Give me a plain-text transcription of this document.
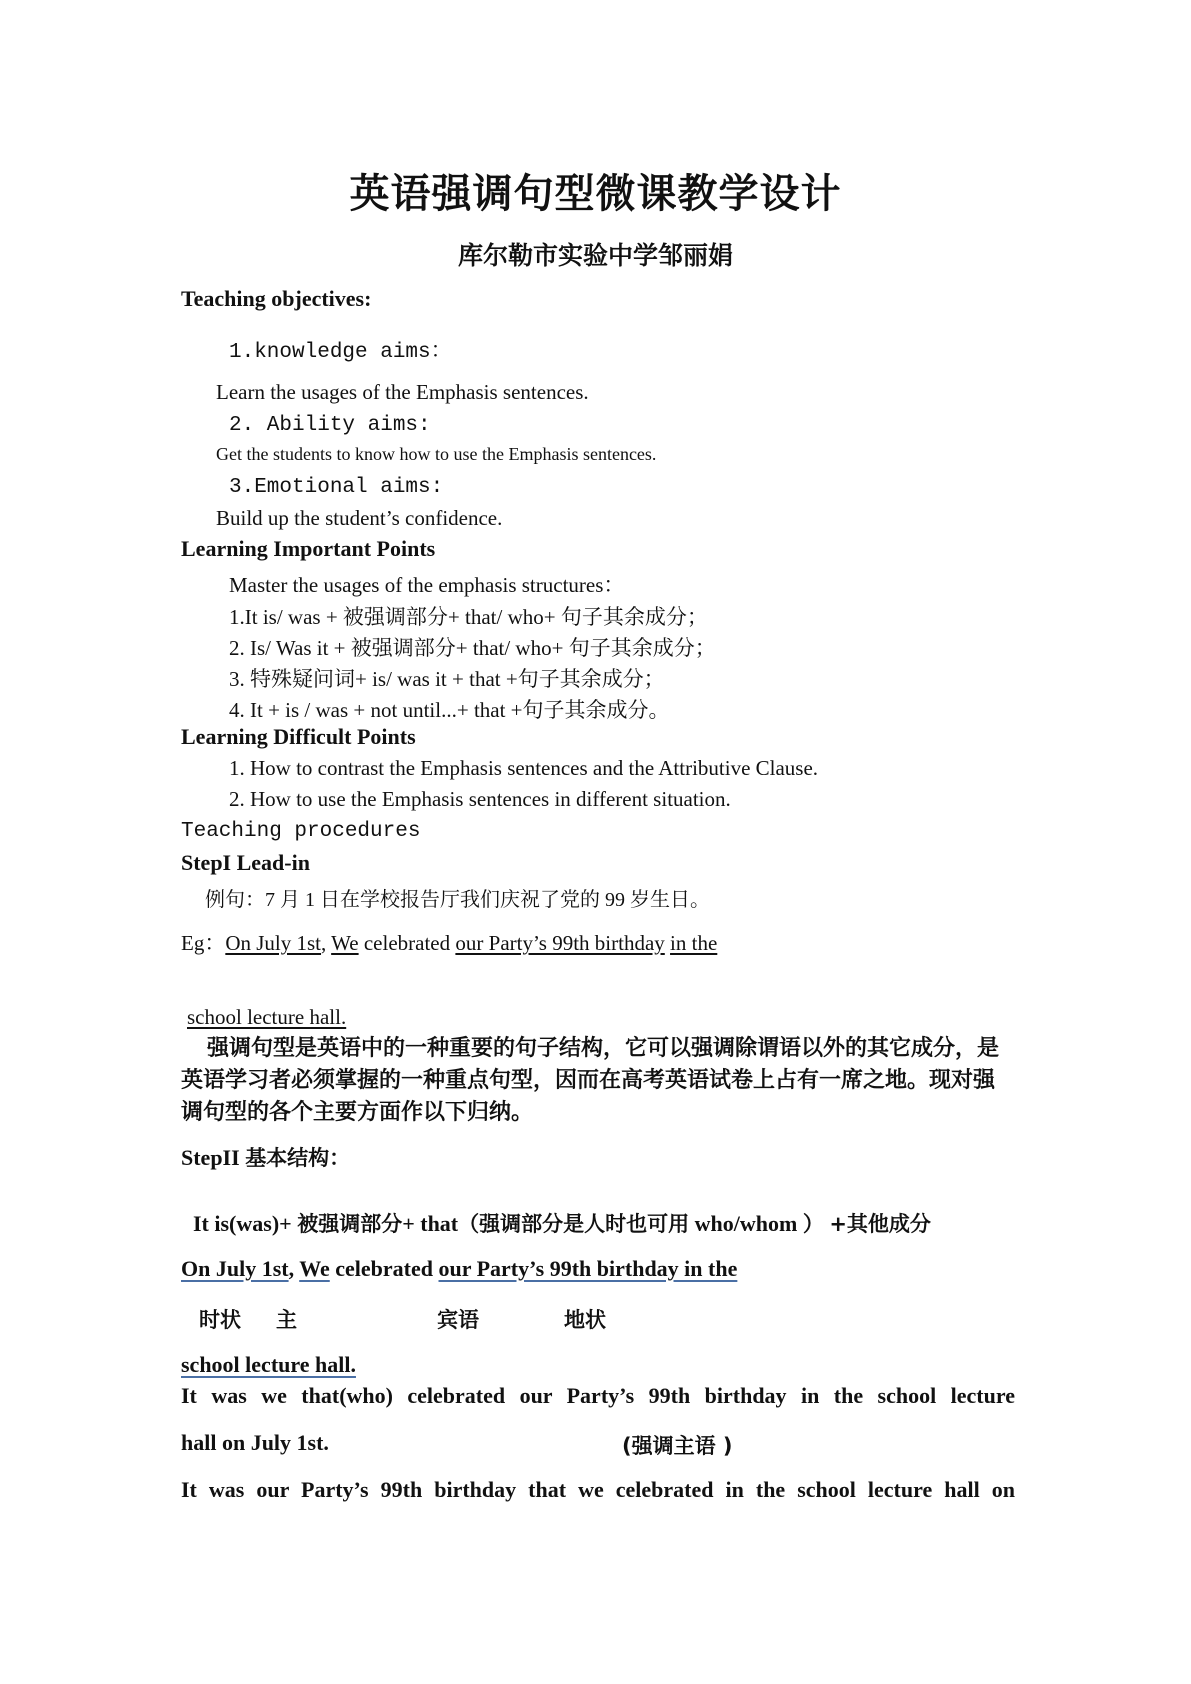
英语强调句型微课教学设计
库尔勒市实验中学邹丽娟
Teaching objectives:
1.knowledge aims：
Learn the usages of the Emphasis sentences.
2. Ability aims:
Get the students to know how to use the Emphasis sentences.
3.Emotional aims:
Build up the student’s confidence.
Learning Important Points
Master the usages of the emphasis structures：
1.It is/ was + 被强调部分+ that/ who+ 句子其余成分；
2. Is/ Was it + 被强调部分+ that/ who+ 句子其余成分；
3. 特殊疑问词+ is/ was it + that +句子其余成分；
4. It + is / was + not until...+ that +句子其余成分。
Learning Difficult Points
1. How to contrast the Emphasis sentences and the Attributive Clause.
2. How to use the Emphasis sentences in different situation.
Teaching procedures
StepI Lead-in
例句：7 月 1 日在学校报告厅我们庆祝了党的 99 岁生日。
Eg：On July 1st, We celebrated our Party’s 99th birthday in the
school lecture hall.
强调句型是英语中的一种重要的句子结构，它可以强调除谓语以外的其它成分，是英语学习者必须掌握的一种重点句型，因而在高考英语试卷上占有一席之地。现对强调句型的各个主要方面作以下归纳。
StepII 基本结构：
It is(was)+ 被强调部分+ that（强调部分是人时也可用 who/whom ） +其他成分
On July 1st, We celebrated our Party’s 99th birthday in the
时状 主	宾语	地状
school lecture hall.
It was we that(who) celebrated our Party’s 99th birthday in the school lecture
hall on July 1st.	(强调主语 )
It was our Party’s 99th birthday that we celebrated in the school lecture hall on
